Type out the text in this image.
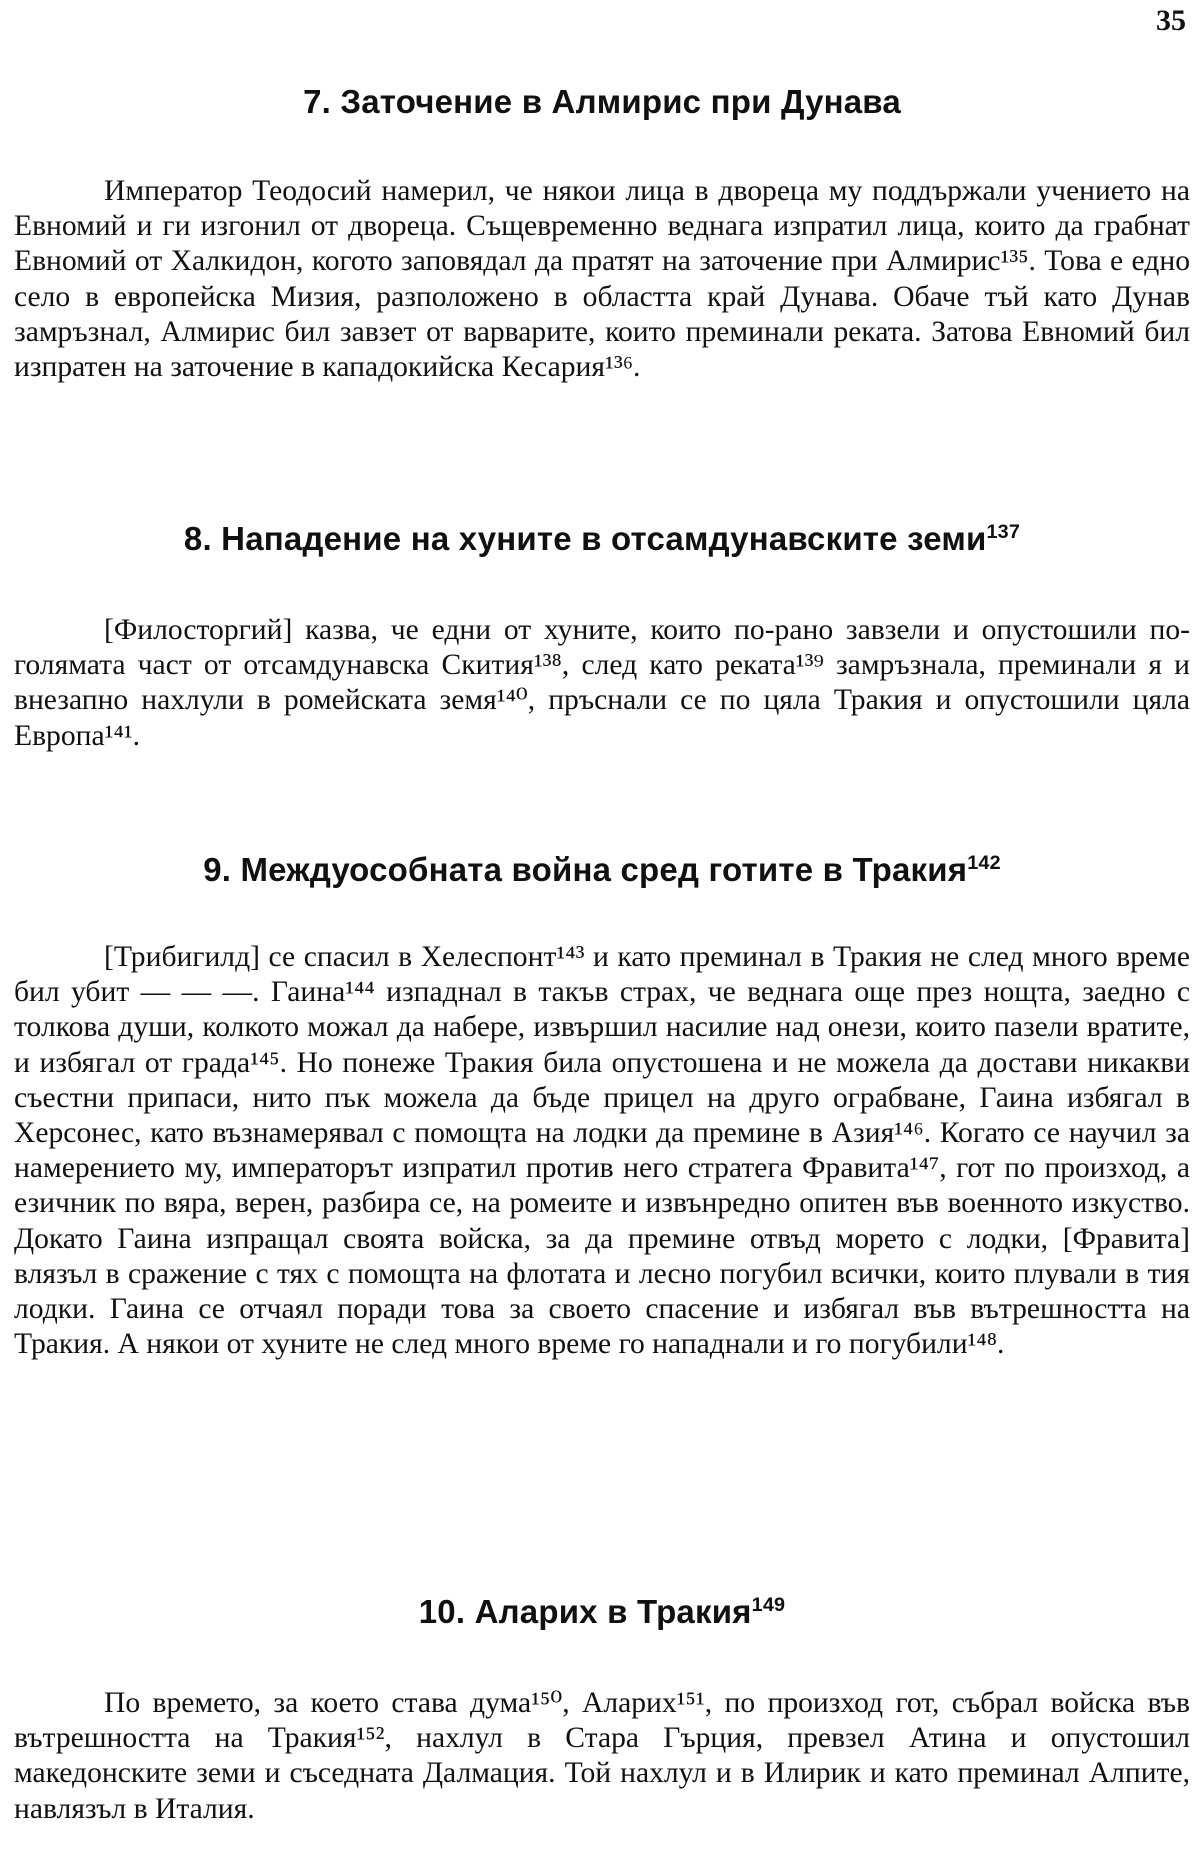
35
7. Заточение в Алмирис при Дунава

Император Теодосий намерил, че някои лица в двореца му поддържали учението на Евномий и ги изгонил от двореца. Същевременно веднага изпратил лица, които да грабнат Евномий от Халкидон, когото заповядал да пратят на заточение при Алмирис¹³⁵. Това е едно село в европейска Мизия, разположено в областта край Дунава. Обаче тъй като Дунав замръзнал, Алмирис бил завзет от варварите, които преминали реката. Затова Евномий бил изпратен на заточение в кападокийска Кесария¹³⁶.

8. Нападение на хуните в отсамдунавските земи$^{137}$

[Филосторгий] казва, че едни от хуните, които по-рано завзели и опустошили по-голямата част от отсамдунавска Скития¹³⁸, след като реката¹³⁹ замръзнала, преминали я и внезапно нахлули в ромейската земя¹⁴⁰, пръснали се по цяла Тракия и опустошили цяла Европа¹⁴¹.

9. Междуособната война сред готите в Тракия$^{142}$

[Трибигилд] се спасил в Хелеспонт¹⁴³ и като преминал в Тракия не след много време бил убит — — —. Гаина¹⁴⁴ изпаднал в такъв страх, че веднага още през нощта, заедно с толкова души, колкото можал да набере, извършил насилие над онези, които пазели вратите, и избягал от града¹⁴⁵. Но понеже Тракия била опустошена и не можела да достави никакви съестни припаси, нито пък можела да бъде прицел на друго ограбване, Гаина избягал в Херсонес, като възнамерявал с помощта на лодки да премине в Азия¹⁴⁶. Когато се научил за намерението му, императорът изпратил против него стратега Фравита¹⁴⁷, гот по произход, а езичник по вяра, верен, разбира се, на ромеите и извънредно опитен във военното изкуство. Докато Гаина изпращал своята войска, за да премине отвъд морето с лодки, [Фравита] влязъл в сражение с тях с помощта на флотата и лесно погубил всички, които плували в тия лодки. Гаина се отчаял поради това за своето спасение и избягал във вътрешността на Тракия. А някои от хуните не след много време го нападнали и го погубили¹⁴⁸.

10. Аларих в Тракия$^{149}$

По времето, за което става дума¹⁵⁰, Аларих¹⁵¹, по произход гот, събрал войска във вътрешността на Тракия¹⁵², нахлул в Стара Гърция, превзел Атина и опустошил македонските земи и съседната Далмация. Той нахлул и в Илирик и като преминал Алпите, навлязъл в Италия.
